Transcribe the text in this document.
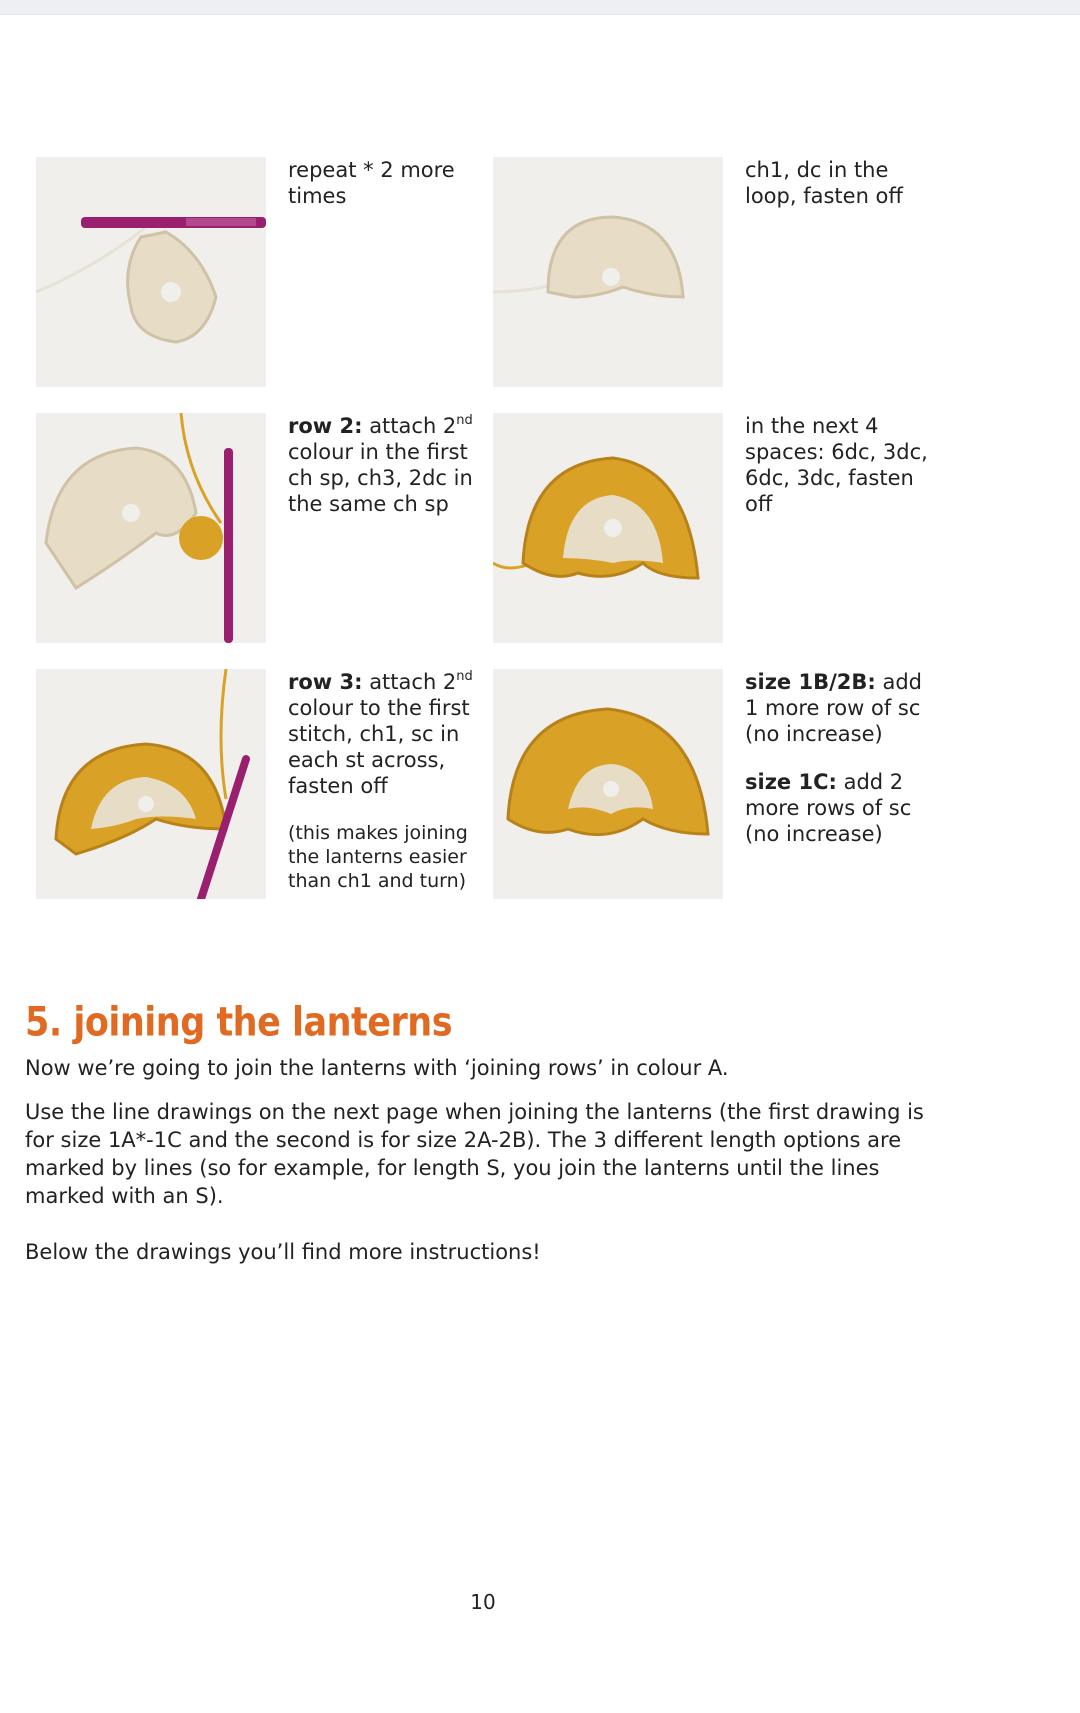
repeat * 2 more times

ch1, dc in the loop, fasten off

row 2: attach 2nd colour in the first ch sp, ch3, 2dc in the same ch sp

in the next 4 spaces: 6dc, 3dc, 6dc, 3dc, fasten off

row 3: attach 2nd colour to the first stitch, ch1, sc in each st across, fasten off

(this makes joining the lanterns easier than ch1 and turn)

size 1B/2B: add 1 more row of sc (no increase)

size 1C: add 2 more rows of sc (no increase)

5. joining the lanterns

Now we’re going to join the lanterns with ‘joining rows’ in colour A.

Use the line drawings on the next page when joining the lanterns (the first drawing is for size 1A*-1C and the second is for size 2A-2B). The 3 different length options are marked by lines (so for example, for length S, you join the lanterns until the lines marked with an S).

Below the drawings you’ll find more instructions!

10
